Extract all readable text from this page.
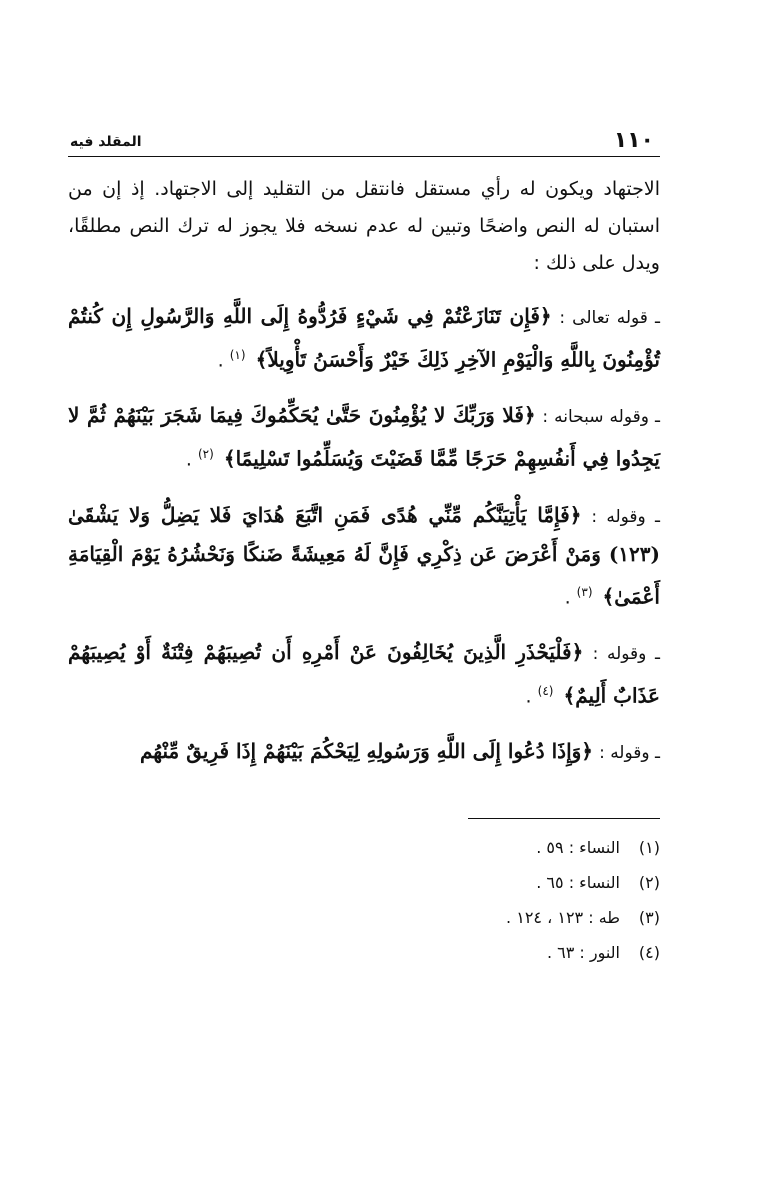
١١٠
المقلد فيه

الاجتهاد ويكون له رأي مستقل فانتقل من التقليد إلى الاجتهاد. إذ إن من استبان له النص واضحًا وتبين له عدم نسخه فلا يجوز له ترك النص مطلقًا، ويدل على ذلك :

ـ قوله تعالى : ﴿فَإِن تَنَازَعْتُمْ فِي شَيْءٍ فَرُدُّوهُ إِلَى اللَّهِ وَالرَّسُولِ إِن كُنتُمْ تُؤْمِنُونَ بِاللَّهِ وَالْيَوْمِ الآخِرِ ذَلِكَ خَيْرٌ وَأَحْسَنُ تَأْوِيلاً﴾ $^{(١)}$ .

ـ وقوله سبحانه : ﴿فَلا وَرَبِّكَ لا يُؤْمِنُونَ حَتَّىٰ يُحَكِّمُوكَ فِيمَا شَجَرَ بَيْنَهُمْ ثُمَّ لا يَجِدُوا فِي أَنفُسِهِمْ حَرَجًا مِّمَّا قَضَيْتَ وَيُسَلِّمُوا تَسْلِيمًا﴾ $^{(٢)}$ .

ـ وقوله : ﴿فَإِمَّا يَأْتِيَنَّكُم مِّنِّي هُدًى فَمَنِ اتَّبَعَ هُدَايَ فَلا يَضِلُّ وَلا يَشْقَىٰ (١٢٣) وَمَنْ أَعْرَضَ عَن ذِكْرِي فَإِنَّ لَهُ مَعِيشَةً ضَنكًا وَنَحْشُرُهُ يَوْمَ الْقِيَامَةِ أَعْمَىٰ﴾ $^{(٣)}$ .

ـ وقوله : ﴿فَلْيَحْذَرِ الَّذِينَ يُخَالِفُونَ عَنْ أَمْرِهِ أَن تُصِيبَهُمْ فِتْنَةٌ أَوْ يُصِيبَهُمْ عَذَابٌ أَلِيمٌ﴾ $^{(٤)}$ .

ـ وقوله : ﴿وَإِذَا دُعُوا إِلَى اللَّهِ وَرَسُولِهِ لِيَحْكُمَ بَيْنَهُمْ إِذَا فَرِيقٌ مِّنْهُم

(١)النساء : ٥٩ .
(٢)النساء : ٦٥ .
(٣)طه : ١٢٣ ، ١٢٤ .
(٤)النور : ٦٣ .
